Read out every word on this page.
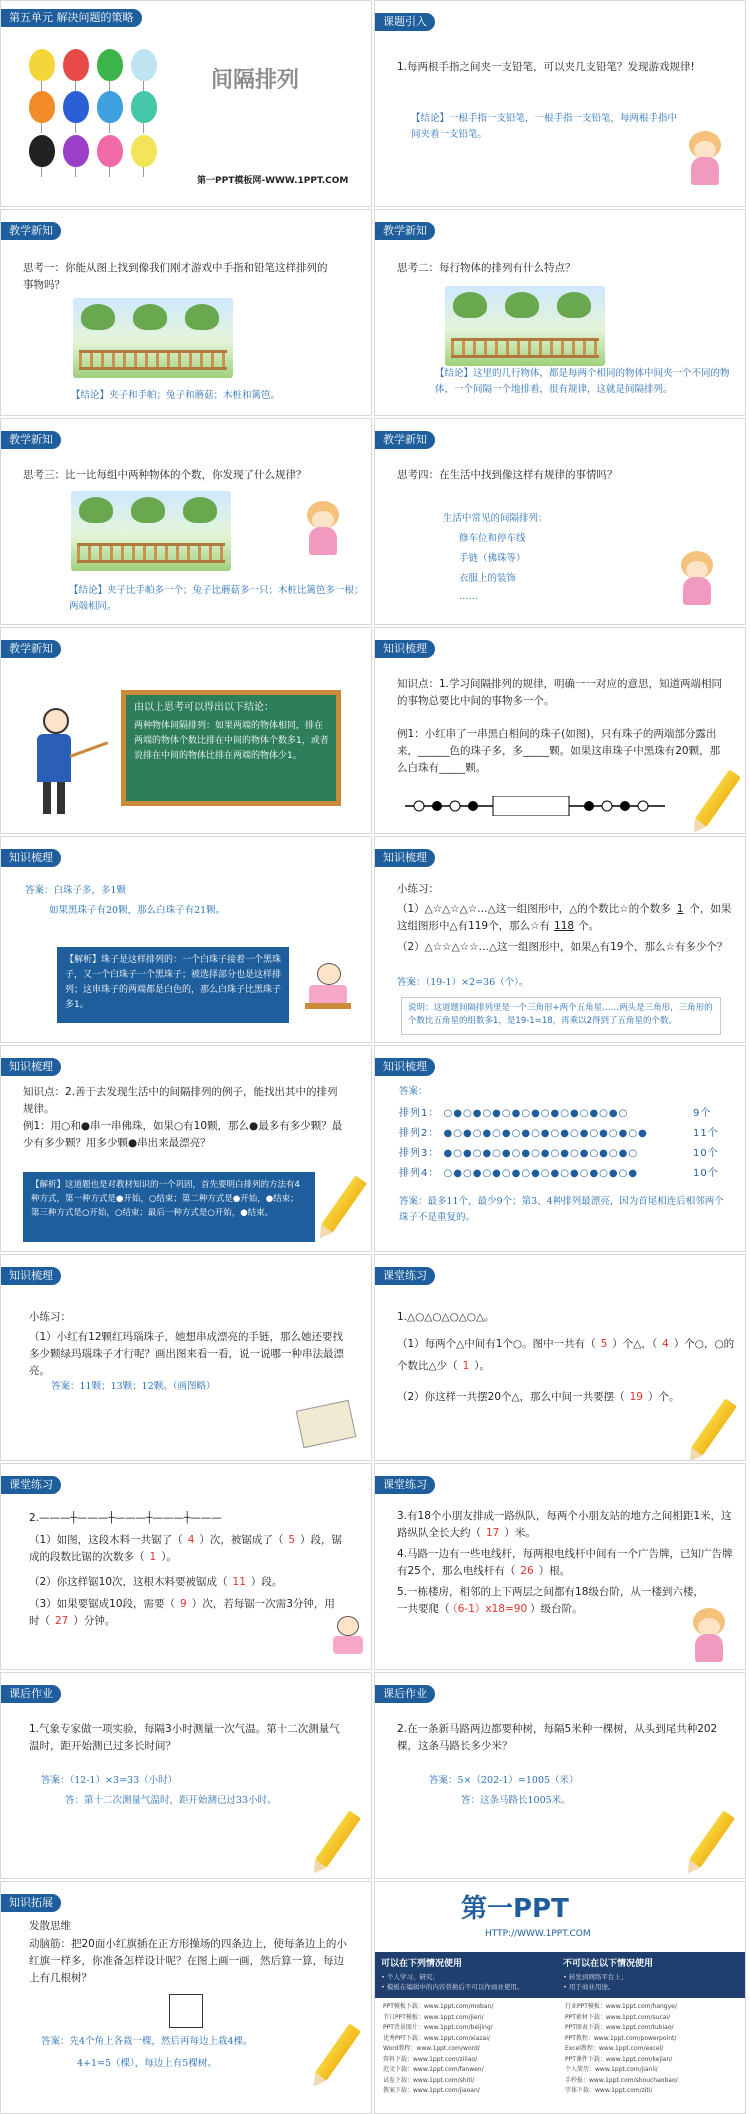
第五单元 解决问题的策略
间隔排列
第一PPT模板网-WWW.1PPT.COM
课题引入
1.每两根手指之间夹一支铅笔，可以夹几支铅笔？发现游戏规律!
【结论】一根手指一支铅笔，一根手指一支铅笔，每两根手指中间夹着一支铅笔。
教学新知
思考一：你能从图上找到像我们刚才游戏中手指和铅笔这样排列的事物吗？
【结论】夹子和手帕；兔子和蘑菇；木桩和篱笆。
教学新知
思考二：每行物体的排列有什么特点？
【结论】这里的几行物体，都是每两个相同的物体中间夹一个不同的物体，一个间隔一个地排着，很有规律，这就是间隔排列。
教学新知
思考三：比一比每组中两种物体的个数，你发现了什么规律？
【结论】夹子比手帕多一个；兔子比蘑菇多一只；木桩比篱笆多一根；两端相同。
教学新知
思考四：在生活中找到像这样有规律的事情吗？
生活中常见的间隔排列：
修车位和停车线
手链（佛珠等）
衣服上的装饰
……
教学新知
由以上思考可以得出以下结论：
两种物体间隔排列：如果两端的物体相同，排在两端的物体个数比排在中间的物体个数多1，或者说排在中间的物体比排在两端的物体少1。
知识梳理
知识点：1.学习间隔排列的规律，明确一一对应的意思，知道两端相同的事物总要比中间的事物多一个。
例1：小红串了一串黑白相间的珠子(如图)，只有珠子的两端部分露出来，______色的珠子多，多_____颗。如果这串珠子中黑珠有20颗，那么白珠有_____颗。
知识梳理
答案：白珠子多，多1颗
如果黑珠子有20颗，那么白珠子有21颗。
【解析】珠子是这样排列的：一个白珠子接着一个黑珠子，又一个白珠子一个黑珠子；被选择部分也是这样排列；这串珠子的两端都是白色的，那么白珠子比黑珠子多1。
知识梳理
小练习：
（1）△☆△☆△☆…△这一组图形中，△的个数比☆的个数多 1 个，如果这组图形中△有119个，那么☆有 118 个。
（2）△☆☆△☆☆…△这一组图形中，如果△有19个，那么☆有多少个？
答案：（19-1）×2=36（个）。
说明：这道题间隔排列里是一个三角形+两个五角星……两头是三角形，三角形的个数比五角星的组数多1，是19-1=18，再乘以2得到了五角星的个数。
知识梳理
知识点：2.善于去发现生活中的间隔排列的例子，能找出其中的排列规律。
例1：用○和●串一串佛珠，如果○有10颗，那么●最多有多少颗？最少有多少颗？用多少颗●串出来最漂亮？
【解析】这道题也是对教材知识的一个巩固，首先要明白排列的方法有4种方式，第一种方式是●开始，○结束；第二种方式是●开始，●结束；第三种方式是○开始，○结束；最后一种方式是○开始，●结束。
知识梳理
答案：
排列1： ○●○●○●○●○●○●○●○●○●○	9个
排列2： ●○●○●○●○●○●○●○●○●○●○●	11个
排列3： ●○●○●○●○●○●○●○●○●○●○	10个
排列4： ○●○●○●○●○●○●○●○●○●○●	10个
答案：最多11个，最少9个；第3、4种排列最漂亮，因为首尾相连后相邻两个珠子不是重复的。
知识梳理
小练习：
（1）小红有12颗红玛瑙珠子，她想串成漂亮的手链，那么她还要找多少颗绿玛瑙珠子才行呢？画出图来看一看，说一说哪一种串法最漂亮。
答案：11颗；13颗；12颗。（画图略）
课堂练习
1.△○△○△○△○△。
（1）每两个△中间有1个○。图中一共有（ 5 ）个△，（ 4 ）个○，○的个数比△少（ 1 ）。
（2）你这样一共摆20个△，那么中间一共要摆（ 19 ）个。
课堂练习
2.———┼———┼———┼———┼———
（1）如图，这段木料一共锯了（ 4 ）次，被锯成了（ 5 ）段，锯成的段数比锯的次数多（ 1 ）。
（2）你这样锯10次，这根木料要被锯成（ 11 ）段。
（3）如果要锯成10段，需要（ 9 ）次，若每锯一次需3分钟，用时（ 27 ）分钟。
课堂练习
3.有18个小朋友排成一路纵队，每两个小朋友站的地方之间相距1米，这路纵队全长大约（ 17 ）米。
4.马路一边有一些电线杆，每两根电线杆中间有一个广告牌，已知广告牌有25个，那么电线杆有（ 26 ）根。
5.一栋楼房，相邻的上下两层之间都有18级台阶，从一楼到六楼，一共要爬（ （6-1）x18=90 ）级台阶。
课后作业
1.气象专家做一项实验，每隔3小时测量一次气温。第十二次测量气温时，距开始测已过多长时间？
答案：（12-1）×3=33（小时）
答：第十二次测量气温时，距开始测已过33小时。
课后作业
2.在一条新马路两边都要种树，每隔5米种一棵树，从头到尾共种202棵，这条马路长多少米？
答案：5×（202-1）=1005（米）
答：这条马路长1005米。
知识拓展
发散思维
动脑筋：把20面小红旗插在正方形操场的四条边上，使每条边上的小红旗一样多，你准备怎样设计呢？在图上画一画，然后算一算，每边上有几根树？
答案：先4个角上各栽一棵，然后再每边上栽4棵。
4+1=5（棵），每边上有5棵树。
第一PPT
HTTP://WWW.1PPT.COM
可以在下列情况使用	不可以在以下情况使用
• 个人学习、研究；
• 模板在编辑中的内容替换后不可以作商业使用。
• 转发到网络平台上；
• 用于商业用途。
PPT模板下载：www.1ppt.com/moban/
节日PPT模板：www.1ppt.com/jieri/
PPT背景图片：www.1ppt.com/beijing/
优秀PPT下载：www.1ppt.com/xiazai/
Word教程：www.1ppt.com/word/
资料下载：www.1ppt.com/ziliao/
范文下载：www.1ppt.com/fanwen/
试卷下载：www.1ppt.com/shiti/
教案下载：www.1ppt.com/jiaoan/
行业PPT模板：www.1ppt.com/hangye/
PPT素材下载：www.1ppt.com/sucai/
PPT图表下载：www.1ppt.com/tubiao/
PPT教程：www.1ppt.com/powerpoint/
Excel教程：www.1ppt.com/excel/
PPT课件下载：www.1ppt.com/kejian/
个人简历：www.1ppt.com/jianli/
手抄报：www.1ppt.com/shouchaobao/
字体下载：www.1ppt.com/ziti/
